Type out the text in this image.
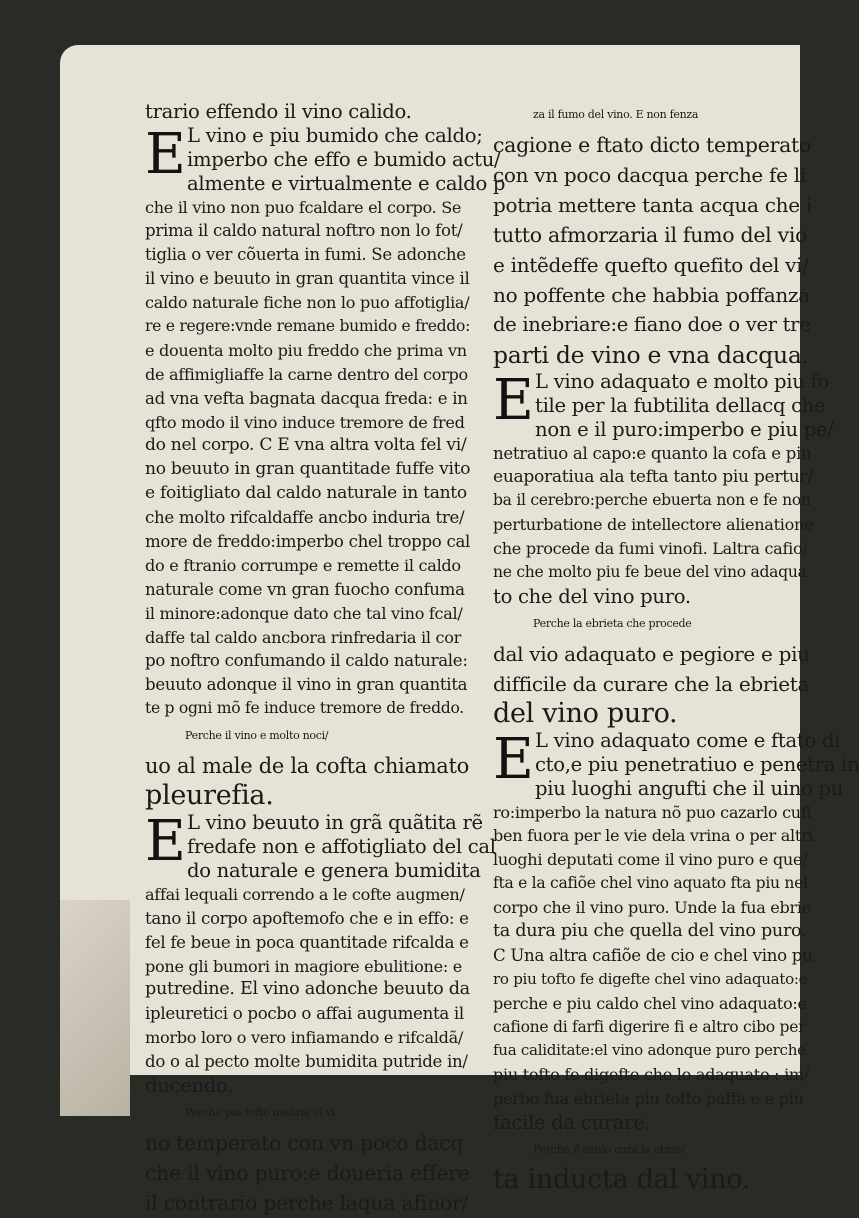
trario effendo il vino calido.
E L vino e piu bumido che caldo;
imperbo che effo e bumido actu/
almente e virtualmente e caldo p
che il vino non puo fcaldare el corpo. Se
prima il caldo natural noftro non lo fot/
tiglia o ver cõuerta in fumi. Se adonche
il vino e beuuto in gran quantita vince il
caldo naturale fiche non lo puo affotiglia/
re e regere:vnde remane bumido e freddo:
e douenta molto piu freddo che prima vn
de affimigliaffe la carne dentro del corpo
ad vna vefta bagnata dacqua freda: e in
qfto modo il vino induce tremore de fred
do nel corpo. C E vna altra volta fel vi/
no beuuto in gran quantitade fuffe vito
e foitigliato dal caldo naturale in tanto
che molto rifcaldaffe ancbo induria tre/
more de freddo:imperbo chel troppo cal
do e ftranio corrumpe e remette il caldo
naturale come vn gran fuocho confuma
il minore:adonque dato che tal vino fcal/
daffe tal caldo ancbora rinfredaria il cor
po noftro confumando il caldo naturale:
beuuto adonque il vino in gran quantita
te p ogni mõ fe induce tremore de freddo.
Perche il vino e molto noci/
uo al male de la cofta chiamato
pleurefia.
E L vino beuuto in grã quãtita rẽ
fredafe non e affotigliato del cal
do naturale e genera bumidita
affai lequali correndo a le cofte augmen/
tano il corpo apoftemofo che e in effo: e
fel fe beue in poca quantitade rifcalda e
pone gli bumori in magiore ebulitione: e
putredine. El vino adonche beuuto da
ipleuretici o pocbo o affai augumenta il
morbo loro o vero infiamando e rifcaldã/
do o al pecto molte bumidita putride in/
ducendo.
Perche piu tofto inebria el vi
no temperato con vn poco dacq
che il vino puro:e doueria effere
il contrario perche laqua afinor/
za il fumo del vino. E non fenza
cagione e ftato dicto temperato
con vn poco dacqua perche fe li
potria mettere tanta acqua che i
tutto afmorzaria il fumo del vio
e intẽdeffe quefto quefito del vi/
no poffente che habbia poffanza
de inebriare:e fiano doe o ver tre
parti de vino e vna dacqua.
E L vino adaquato e molto piu fo
tile per la fubtilita dellacq che
non e il puro:imperbo e piu pe/
netratiuo al capo:e quanto la cofa e piu
euaporatiua ala tefta tanto piu pertur/
ba il cerebro:perche ebuerta non e fe non
perturbatione de intellectore alienatione
che procede da fumi vinofi. Laltra cafio/
ne che molto piu fe beue del vino adaqua
to che del vino puro.
Perche la ebrieta che procede
dal vio adaquato e pegiore e piu
difficile da curare che la ebrieta
del vino puro.
E L vino adaquato come e ftato di
cto,e piu penetratiuo e penetra in
piu luoghi angufti che il uino pu
ro:imperbo la natura nõ puo cazarlo cufi
ben fuora per le vie dela vrina o per altri
luoghi deputati come il vino puro e que/
fta e la cafiõe chel vino aquato fta piu nel
corpo che il vino puro. Unde la fua ebrie
ta dura piu che quella del vino puro.
C Una altra cafiõe de cio e chel vino pu
ro piu tofto fe digefte chel vino adaquato:e
perche e piu caldo chel vino adaquato:e
cafione di farfi digerire fi e altro cibo per
fua caliditate:el vino adonque puro perche
piu tofto fe digefte che lo adaquato : im/
perbo fua ebrieta piu tofto paffa e e piu
facile da curare.
Perche il caulo cura la ebrie/
ta inducta dal vino.
